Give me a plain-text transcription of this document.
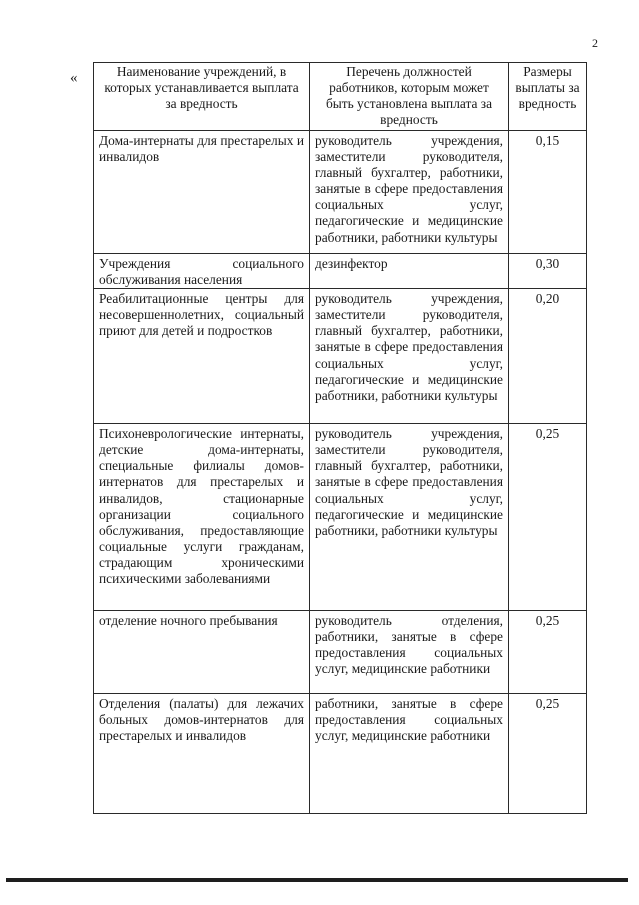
2
«	Наименование учреждений, в которых устанавливается выплата за вредность	Перечень должностей работников, которым может быть установлена выплата за вредность	Размеры выплаты за вредность
Дома-интернаты для престарелых и инвалидов	руководитель учреждения, заместители руководителя, главный бухгалтер, работники, занятые в сфере предоставления социальных услуг, педагогические и медицинские работники, работники культуры	0,15
Учреждения социального обслуживания населения	дезинфектор	0,30
Реабилитационные центры для несовершеннолетних, социальный приют для детей и подростков	руководитель учреждения, заместители руководителя, главный бухгалтер, работники, занятые в сфере предоставления социальных услуг, педагогические и медицинские работники, работники культуры	0,20
Психоневрологические интернаты, детские дома-интернаты, специальные филиалы домов-интернатов для престарелых и инвалидов, стационарные организации социального обслуживания, предоставляющие социальные услуги гражданам, страдающим хроническими психическими заболеваниями	руководитель учреждения, заместители руководителя, главный бухгалтер, работники, занятые в сфере предоставления социальных услуг, педагогические и медицинские работники, работники культуры	0,25
отделение ночного пребывания	руководитель отделения, работники, занятые в сфере предоставления социальных услуг, медицинские работники	0,25
Отделения (палаты) для лежачих больных домов-интернатов для престарелых и инвалидов	работники, занятые в сфере предоставления социальных услуг, медицинские работники	0,25
